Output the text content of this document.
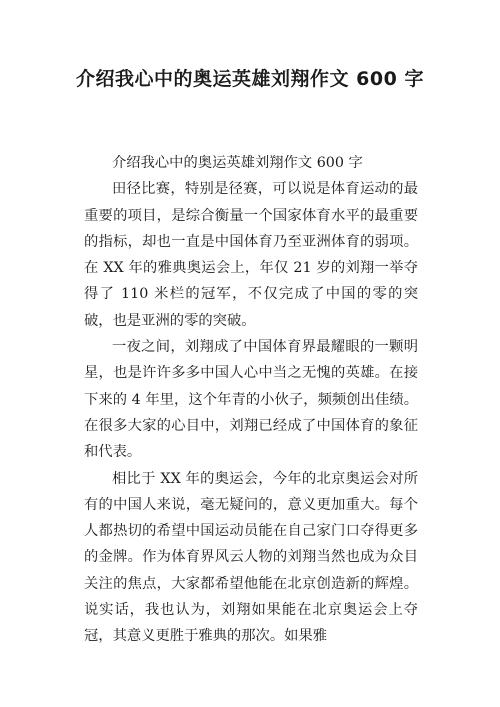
介绍我心中的奥运英雄刘翔作文 600 字

介绍我心中的奥运英雄刘翔作文 600 字

田径比赛，特别是径赛，可以说是体育运动的最重要的项目，是综合衡量一个国家体育水平的最重要的指标，却也一直是中国体育乃至亚洲体育的弱项。在 XX 年的雅典奥运会上，年仅 21 岁的刘翔一举夺得了 110 米栏的冠军，不仅完成了中国的零的突破，也是亚洲的零的突破。

一夜之间，刘翔成了中国体育界最耀眼的一颗明星，也是许许多多中国人心中当之无愧的英雄。在接下来的 4 年里，这个年青的小伙子，频频创出佳绩。在很多大家的心目中，刘翔已经成了中国体育的象征和代表。

相比于 XX 年的奥运会，今年的北京奥运会对所有的中国人来说，毫无疑问的，意义更加重大。每个人都热切的希望中国运动员能在自己家门口夺得更多的金牌。作为体育界风云人物的刘翔当然也成为众目关注的焦点，大家都希望他能在北京创造新的辉煌。说实话，我也认为，刘翔如果能在北京奥运会上夺冠，其意义更胜于雅典的那次。如果雅
